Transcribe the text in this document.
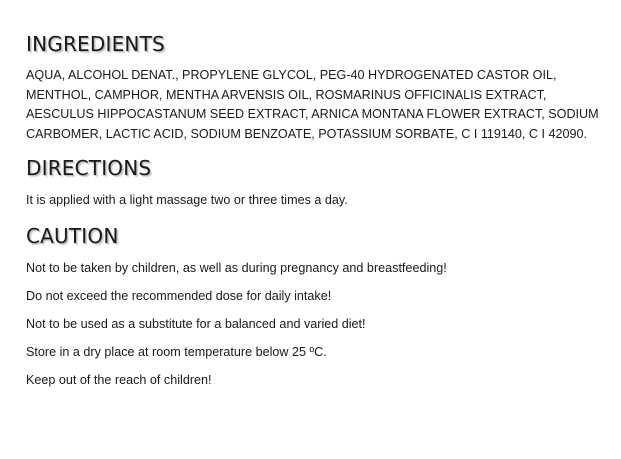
INGREDIENTS

AQUA, ALCOHOL DENAT., PROPYLENE GLYCOL, PEG-40 HYDROGENATED CASTOR OIL, MENTHOL, CAMPHOR, MENTHA ARVENSIS OIL, ROSMARINUS OFFICINALIS EXTRACT, AESCULUS HIPPOCASTANUM SEED EXTRACT, ARNICA MONTANA FLOWER EXTRACT, SODIUM CARBOMER, LACTIC ACID, SODIUM BENZOATE, POTASSIUM SORBATE, C I 119140, C I 42090.

DIRECTIONS

It is applied with a light massage two or three times a day.

CAUTION
Not to be taken by children, as well as during pregnancy and breastfeeding!
Do not exceed the recommended dose for daily intake!
Not to be used as a substitute for a balanced and varied diet!
Store in a dry place at room temperature below 25 ºC.
Keep out of the reach of children!
